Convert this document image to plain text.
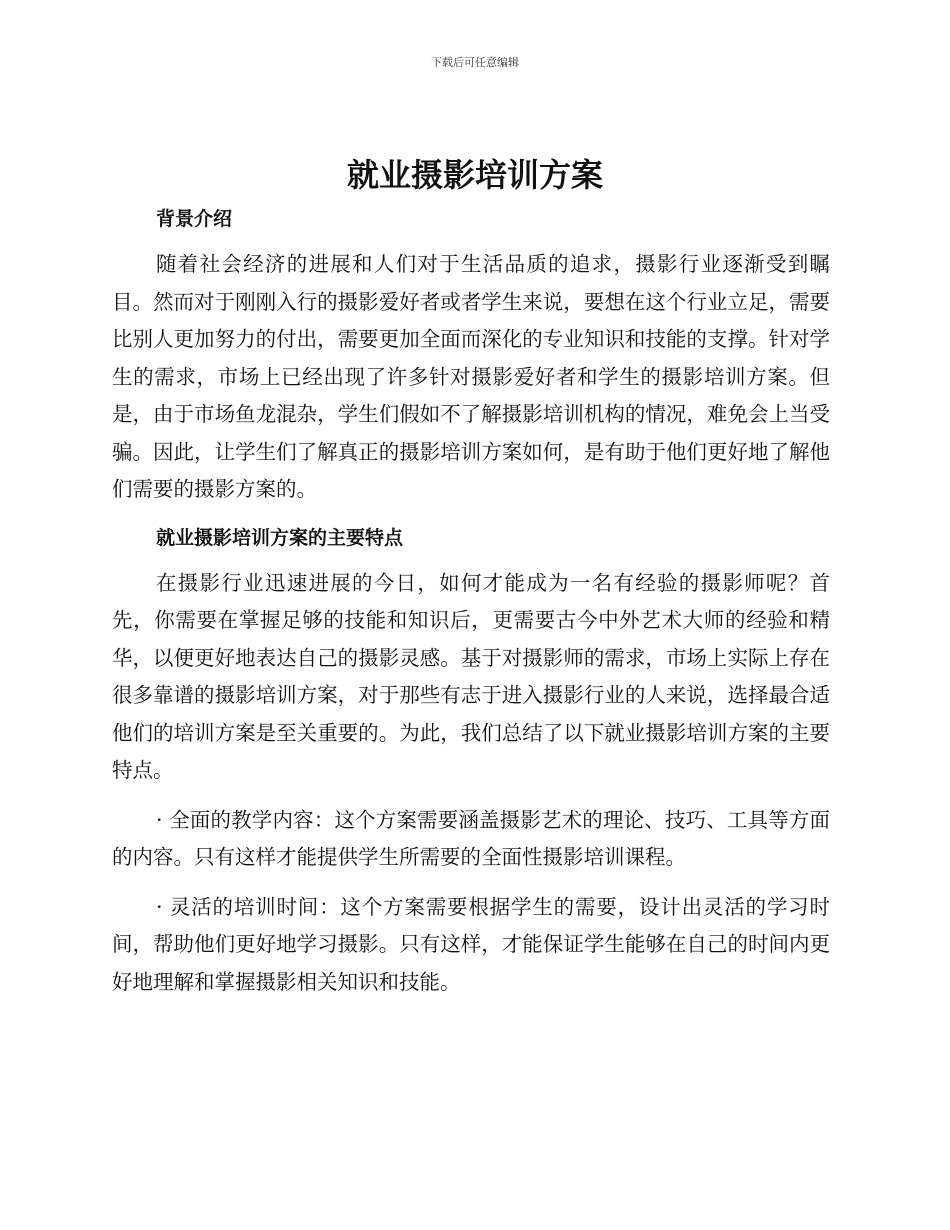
下载后可任意编辑
就业摄影培训方案
背景介绍

随着社会经济的进展和人们对于生活品质的追求，摄影行业逐渐受到瞩目。然而对于刚刚入行的摄影爱好者或者学生来说，要想在这个行业立足，需要比别人更加努力的付出，需要更加全面而深化的专业知识和技能的支撑。针对学生的需求，市场上已经出现了许多针对摄影爱好者和学生的摄影培训方案。但是，由于市场鱼龙混杂，学生们假如不了解摄影培训机构的情况，难免会上当受骗。因此，让学生们了解真正的摄影培训方案如何，是有助于他们更好地了解他们需要的摄影方案的。

就业摄影培训方案的主要特点

在摄影行业迅速进展的今日，如何才能成为一名有经验的摄影师呢？首先，你需要在掌握足够的技能和知识后，更需要古今中外艺术大师的经验和精华，以便更好地表达自己的摄影灵感。基于对摄影师的需求，市场上实际上存在很多靠谱的摄影培训方案，对于那些有志于进入摄影行业的人来说，选择最合适他们的培训方案是至关重要的。为此，我们总结了以下就业摄影培训方案的主要特点。

· 全面的教学内容：这个方案需要涵盖摄影艺术的理论、技巧、工具等方面的内容。只有这样才能提供学生所需要的全面性摄影培训课程。

· 灵活的培训时间：这个方案需要根据学生的需要，设计出灵活的学习时间，帮助他们更好地学习摄影。只有这样，才能保证学生能够在自己的时间内更好地理解和掌握摄影相关知识和技能。
